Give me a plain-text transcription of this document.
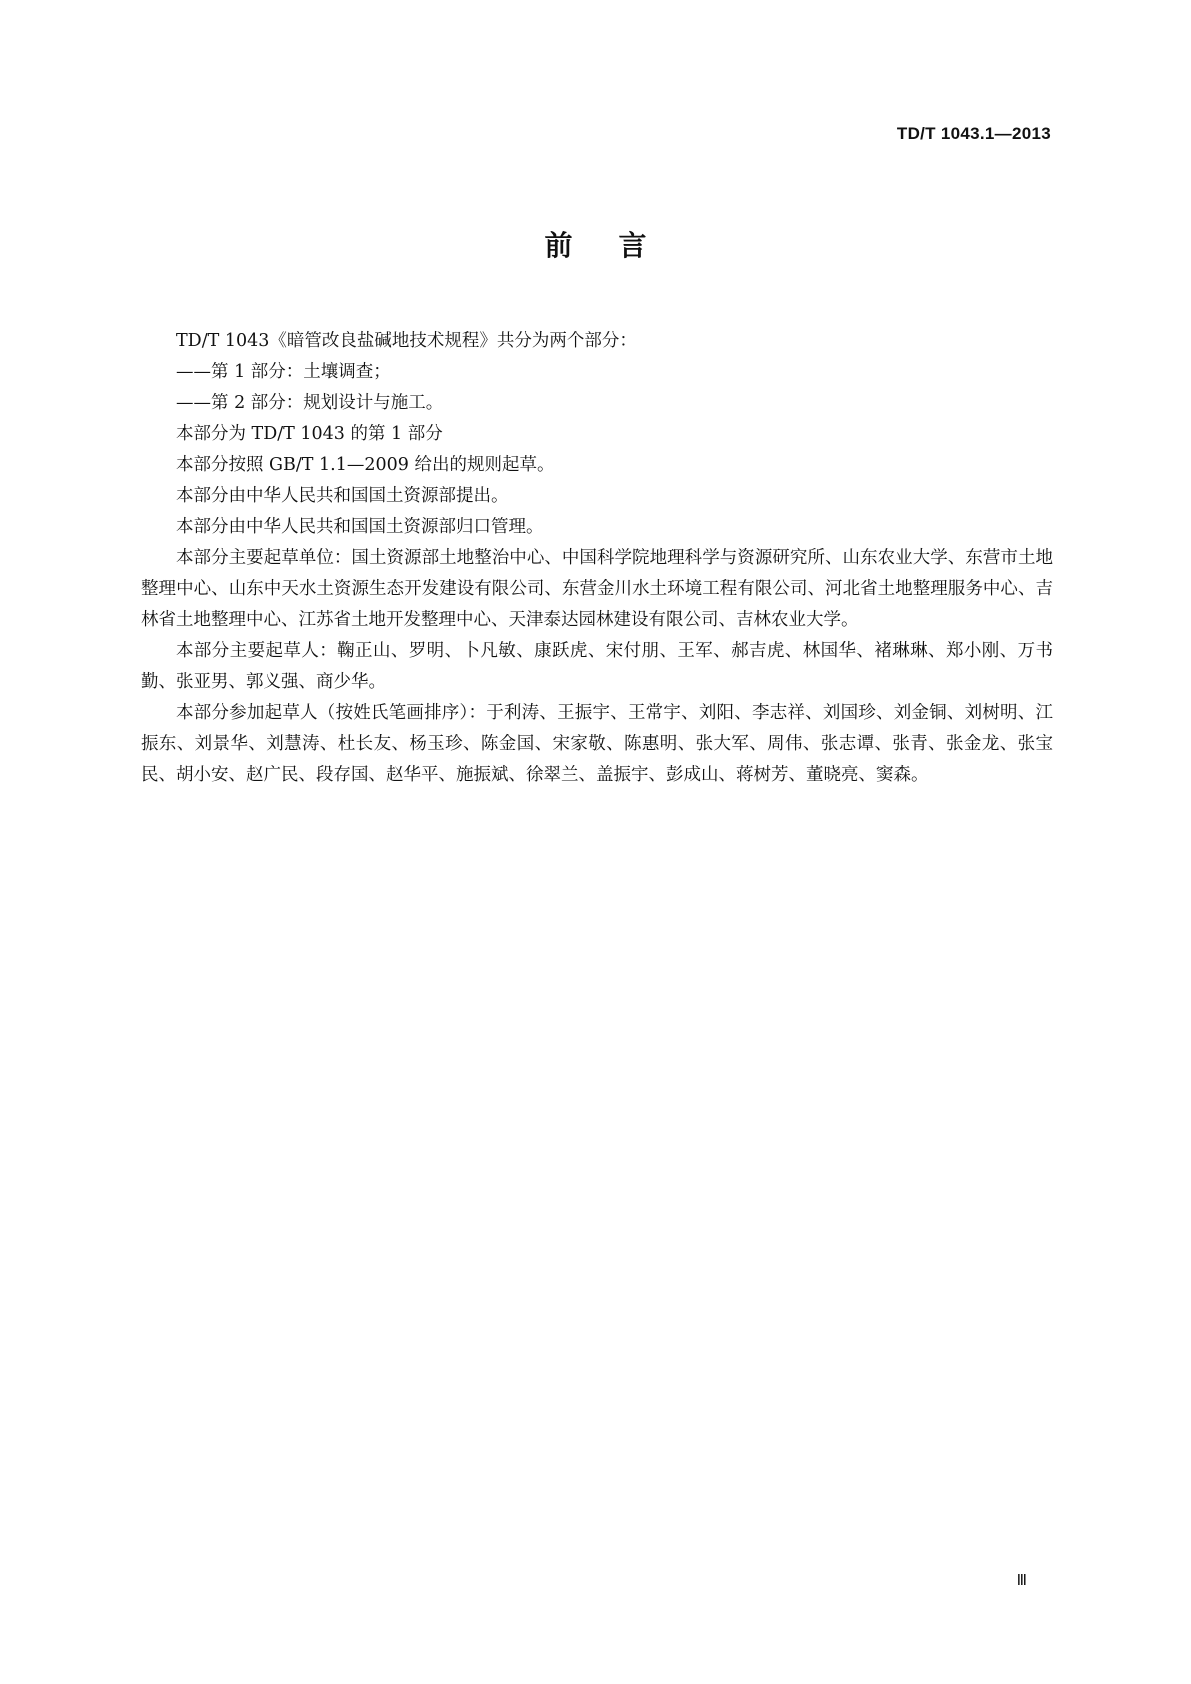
TD/T 1043.1—2013
前言

TD/T 1043《暗管改良盐碱地技术规程》共分为两个部分：

——第 1 部分：土壤调查；

——第 2 部分：规划设计与施工。

本部分为 TD/T 1043 的第 1 部分

本部分按照 GB/T 1.1—2009 给出的规则起草。

本部分由中华人民共和国国土资源部提出。

本部分由中华人民共和国国土资源部归口管理。

本部分主要起草单位：国土资源部土地整治中心、中国科学院地理科学与资源研究所、山东农业大学、东营市土地整理中心、山东中天水土资源生态开发建设有限公司、东营金川水土环境工程有限公司、河北省土地整理服务中心、吉林省土地整理中心、江苏省土地开发整理中心、天津泰达园林建设有限公司、吉林农业大学。

本部分主要起草人：鞠正山、罗明、卜凡敏、康跃虎、宋付朋、王军、郝吉虎、林国华、褚琳琳、郑小刚、万书勤、张亚男、郭义强、商少华。

本部分参加起草人（按姓氏笔画排序）：于利涛、王振宇、王常宇、刘阳、李志祥、刘国珍、刘金铜、刘树明、江振东、刘景华、刘慧涛、杜长友、杨玉珍、陈金国、宋家敬、陈惠明、张大军、周伟、张志谭、张青、张金龙、张宝民、胡小安、赵广民、段存国、赵华平、施振斌、徐翠兰、盖振宇、彭成山、蒋树芳、董晓亮、窦森。

Ⅲ
